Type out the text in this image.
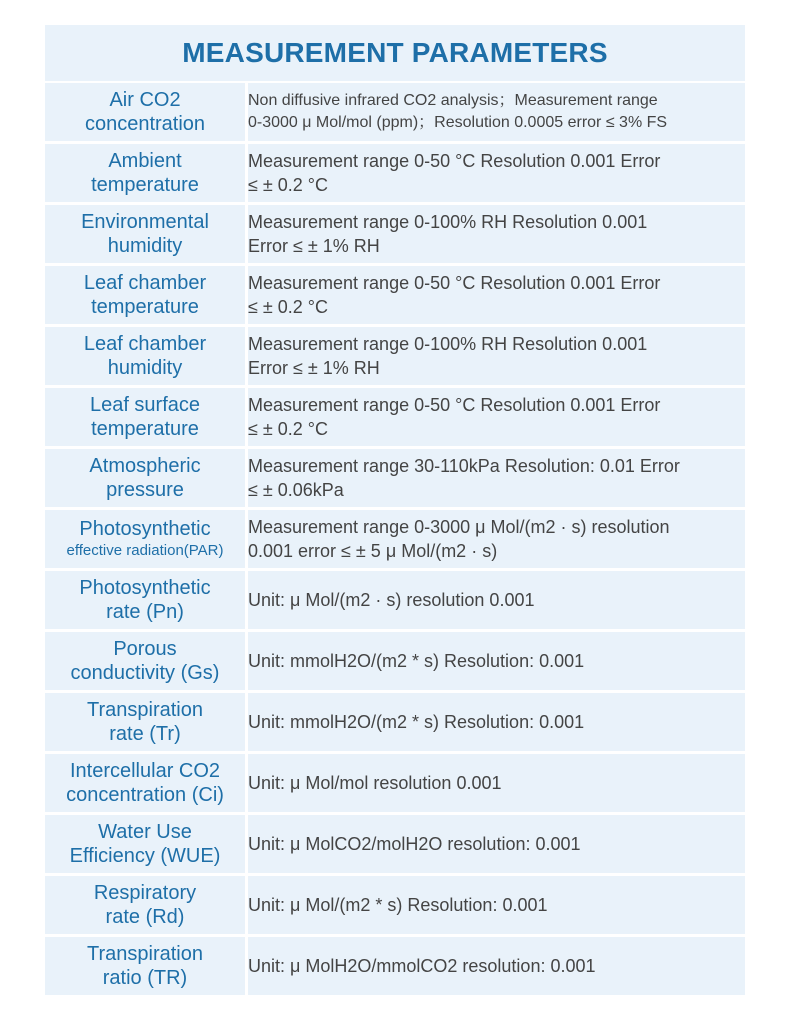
MEASUREMENT PARAMETERS
Air CO2
concentration	Non diffusive infrared CO2 analysis；Measurement range
0-3000 μ Mol/mol (ppm)；Resolution 0.0005 error ≤ 3% FS

Ambient
temperature	Measurement range 0-50 °C Resolution 0.001 Error
≤ ± 0.2 °C

Environmental
humidity	Measurement range 0-100% RH Resolution 0.001
Error ≤ ± 1% RH

Leaf chamber
temperature	Measurement range 0-50 °C Resolution 0.001 Error
≤ ± 0.2 °C

Leaf chamber
humidity	Measurement range 0-100% RH Resolution 0.001
Error ≤ ± 1% RH

Leaf surface
temperature	Measurement range 0-50 °C Resolution 0.001 Error
≤ ± 0.2 °C

Atmospheric
pressure	Measurement range 30-110kPa Resolution: 0.01 Error
≤ ± 0.06kPa

Photosynthetic
effective radiation(PAR)	Measurement range 0-3000 μ Mol/(m2 · s) resolution
0.001 error ≤ ± 5 μ Mol/(m2 · s)

Photosynthetic
rate (Pn)	Unit: μ Mol/(m2 · s) resolution 0.001

Porous
conductivity (Gs)	Unit: mmolH2O/(m2 * s) Resolution: 0.001

Transpiration
rate (Tr)	Unit: mmolH2O/(m2 * s) Resolution: 0.001

Intercellular CO2
concentration (Ci)	Unit: μ Mol/mol resolution 0.001

Water Use
Efficiency (WUE)	Unit: μ MolCO2/molH2O resolution: 0.001

Respiratory
rate (Rd)	Unit: μ Mol/(m2 * s) Resolution: 0.001

Transpiration
ratio (TR)	Unit: μ MolH2O/mmolCO2 resolution: 0.001
